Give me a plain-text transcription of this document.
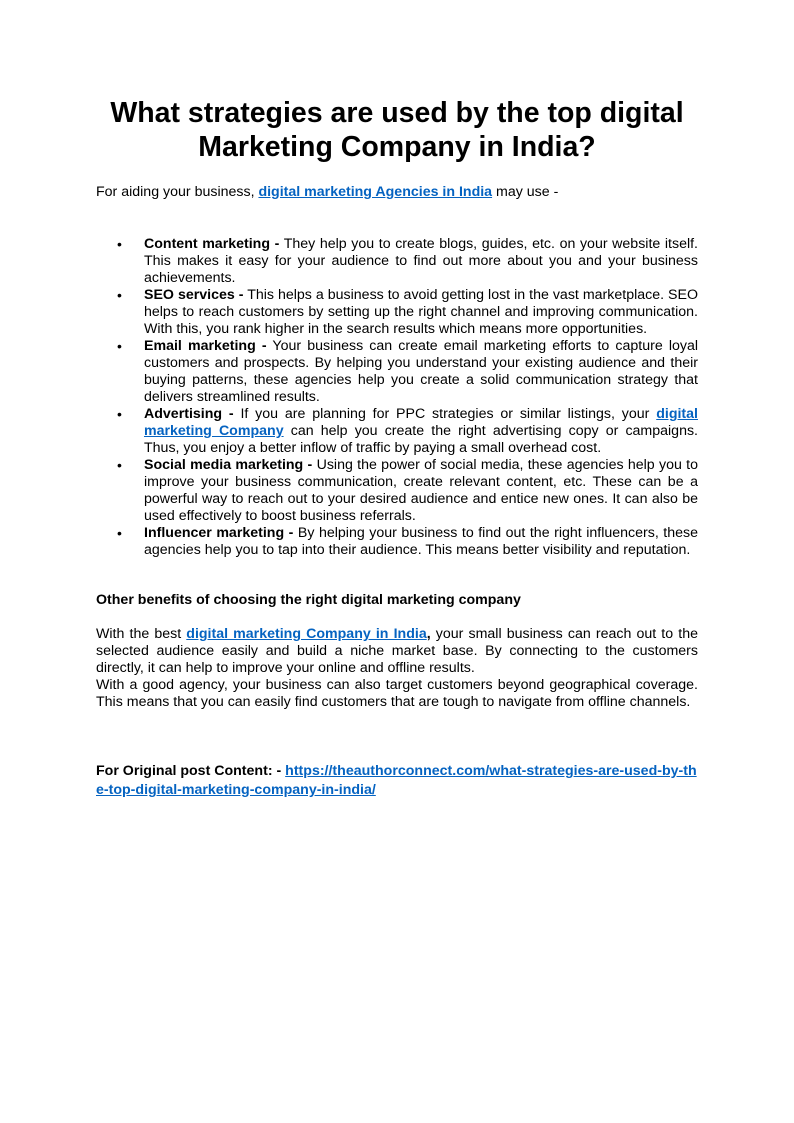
What strategies are used by the top digital
Marketing Company in India?

For aiding your business, digital marketing Agencies in India may use -

• Content marketing - They help you to create blogs, guides, etc. on your website itself. This makes it easy for your audience to find out more about you and your business achievements.
• SEO services - This helps a business to avoid getting lost in the vast marketplace. SEO helps to reach customers by setting up the right channel and improving communication. With this, you rank higher in the search results which means more opportunities.
• Email marketing - Your business can create email marketing efforts to capture loyal customers and prospects. By helping you understand your existing audience and their buying patterns, these agencies help you create a solid communication strategy that delivers streamlined results.
• Advertising - If you are planning for PPC strategies or similar listings, your digital marketing Company can help you create the right advertising copy or campaigns. Thus, you enjoy a better inflow of traffic by paying a small overhead cost.
• Social media marketing - Using the power of social media, these agencies help you to improve your business communication, create relevant content, etc. These can be a powerful way to reach out to your desired audience and entice new ones. It can also be used effectively to boost business referrals.
• Influencer marketing - By helping your business to find out the right influencers, these agencies help you to tap into their audience. This means better visibility and reputation.

Other benefits of choosing the right digital marketing company

With the best digital marketing Company in India, your small business can reach out to the selected audience easily and build a niche market base. By connecting to the customers directly, it can help to improve your online and offline results.

With a good agency, your business can also target customers beyond geographical coverage. This means that you can easily find customers that are tough to navigate from offline channels.

For Original post Content: - https://theauthorconnect.com/what-strategies-are-used-by-the-top-digital-marketing-company-in-india/
